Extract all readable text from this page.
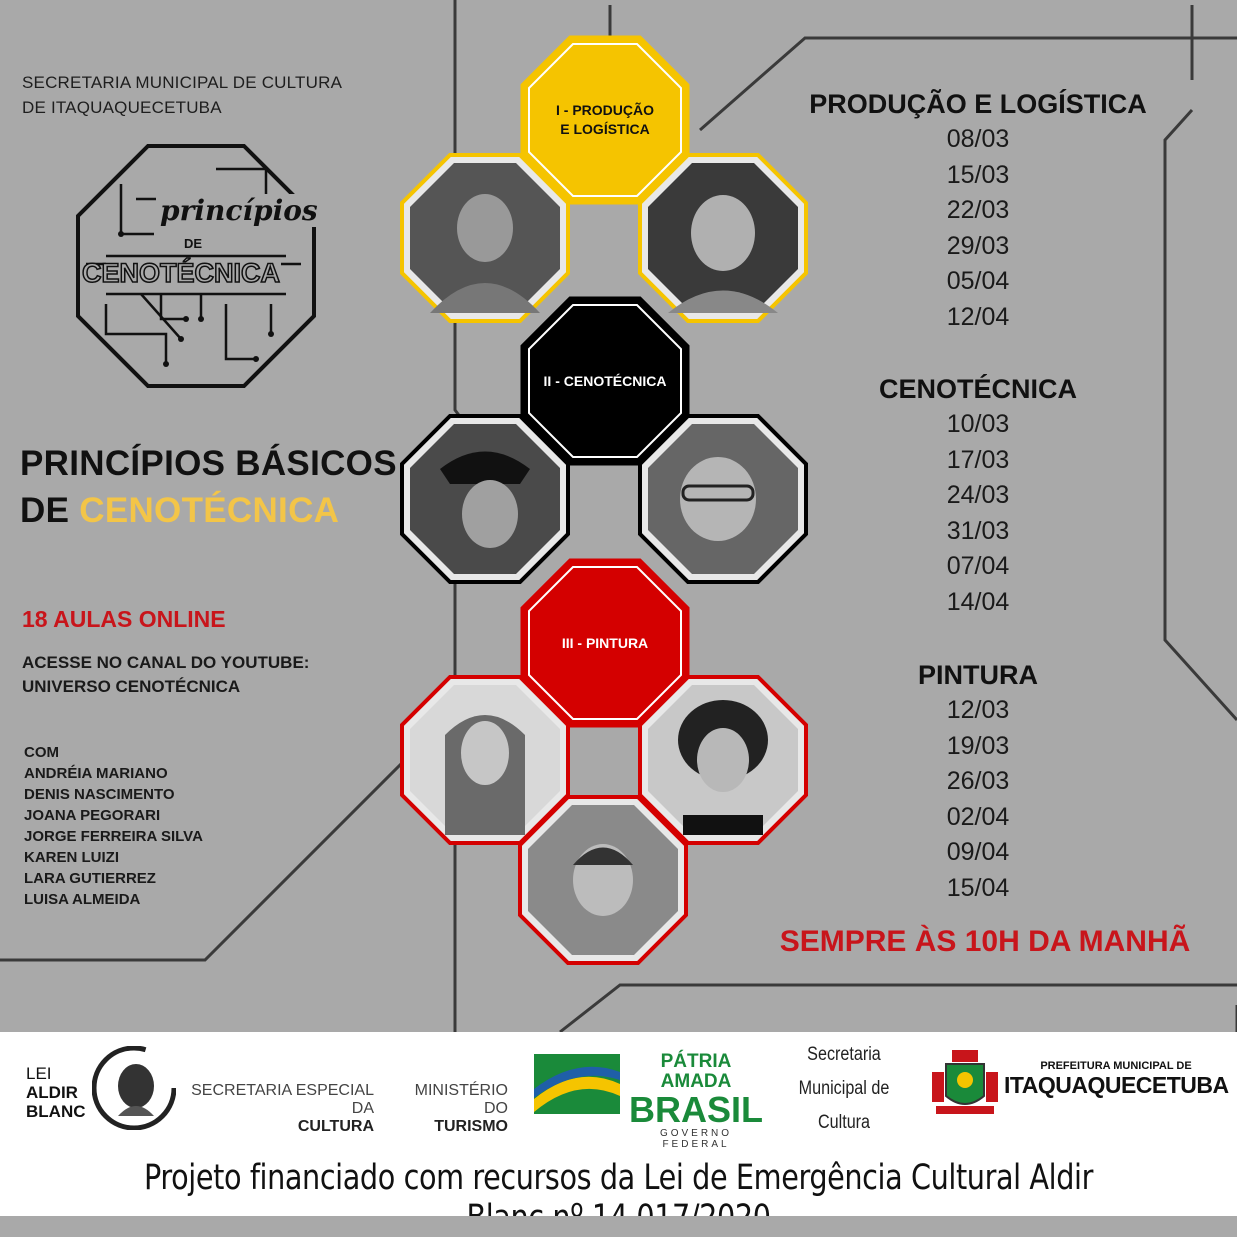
SECRETARIA MUNICIPAL DE CULTURA
DE ITAQUAQUECETUBA
princípios
DE
CENOTÉCNICA
PRINCÍPIOS BÁSICOS
DE CENOTÉCNICA
18 AULAS ONLINE
ACESSE NO CANAL DO YOUTUBE:
UNIVERSO CENOTÉCNICA
COM
ANDRÉIA MARIANO
DENIS NASCIMENTO
JOANA PEGORARI
JORGE FERREIRA SILVA
KAREN LUIZI
LARA GUTIERREZ
LUISA ALMEIDA
I - PRODUÇÃO
E LOGÍSTICA
II - CENOTÉCNICA
III - PINTURA
PRODUÇÃO E LOGÍSTICA
08/03
15/03
22/03
29/03
05/04
12/04
CENOTÉCNICA
10/03
17/03
24/03
31/03
07/04
14/04
PINTURA
12/03
19/03
26/03
02/04
09/04
15/04
SEMPRE ÀS 10H DA MANHÃ
LEI
ALDIR
BLANC
SECRETARIA ESPECIAL DA
CULTURA
MINISTÉRIO DO
TURISMO
PÁTRIA AMADA
BRASIL
GOVERNO FEDERAL
Secretaria
Municipal de
Cultura
PREFEITURA MUNICIPAL DE
ITAQUAQUECETUBA
Projeto financiado com recursos da Lei de Emergência Cultural Aldir
